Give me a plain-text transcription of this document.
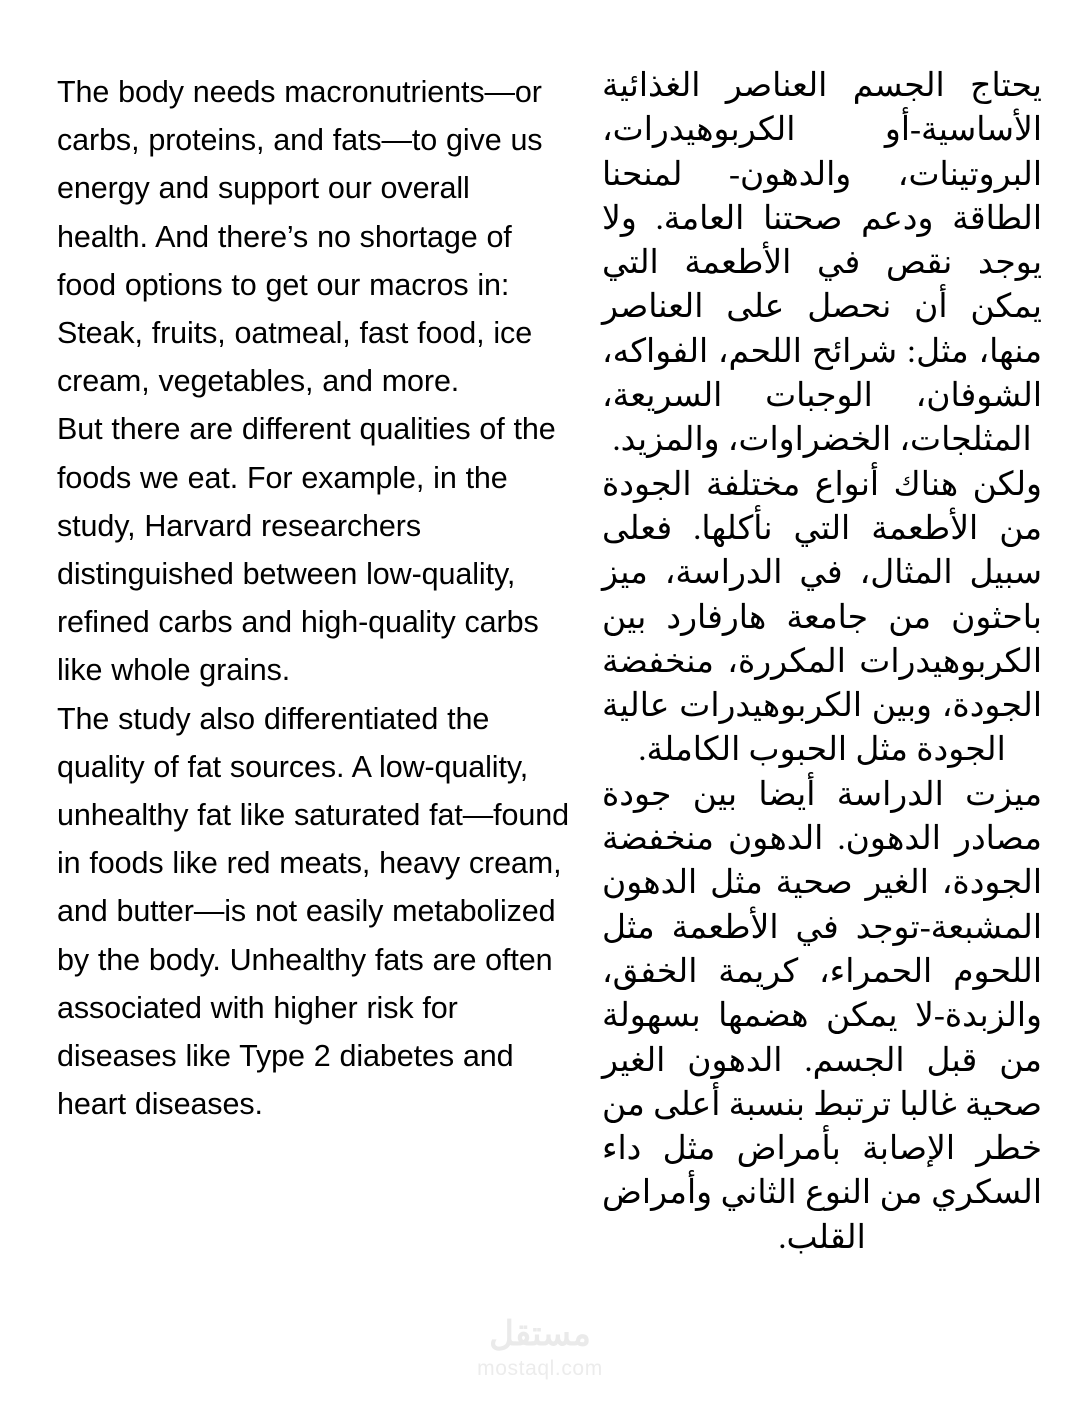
The body needs macronutrients—or carbs, proteins, and fats—to give us energy and support our overall health. And there’s no shortage of food options to get our macros in: Steak, fruits, oatmeal, fast food, ice cream, vegetables, and more.

But there are different qualities of the foods we eat. For example, in the study, Harvard researchers distinguished between low-quality, refined carbs and high-quality carbs like whole grains.

The study also differentiated the quality of fat sources. A low-quality, unhealthy fat like saturated fat—found in foods like red meats, heavy cream, and butter—is not easily metabolized by the body. Unhealthy fats are often associated with higher risk for diseases like Type 2 diabetes and heart diseases.

يحتاج الجسم العناصر الغذائية الأساسية-أو الكربوهيدرات، البروتينات، والدهون- لمنحنا الطاقة ودعم صحتنا العامة. ولا يوجد نقص في الأطعمة التي يمكن أن نحصل على العناصر منها، مثل: شرائح اللحم، الفواكه، الشوفان، الوجبات السريعة، المثلجات، الخضراوات، والمزيد.

ولكن هناك أنواع مختلفة الجودة من الأطعمة التي نأكلها. فعلى سبيل المثال، في الدراسة، ميز باحثون من جامعة هارفارد بين الكربوهيدرات المكررة، منخفضة الجودة، وبين الكربوهيدرات عالية الجودة مثل الحبوب الكاملة.

ميزت الدراسة أيضا بين جودة مصادر الدهون. الدهون منخفضة الجودة، الغير صحية مثل الدهون المشبعة-توجد في الأطعمة مثل اللحوم الحمراء، كريمة الخفق، والزبدة-لا يمكن هضمها بسهولة من قبل الجسم. الدهون الغير صحية غالبا ترتبط بنسبة أعلى من خطر الإصابة بأمراض مثل داء السكري من النوع الثاني وأمراض القلب.

مستقل
mostaql.com
